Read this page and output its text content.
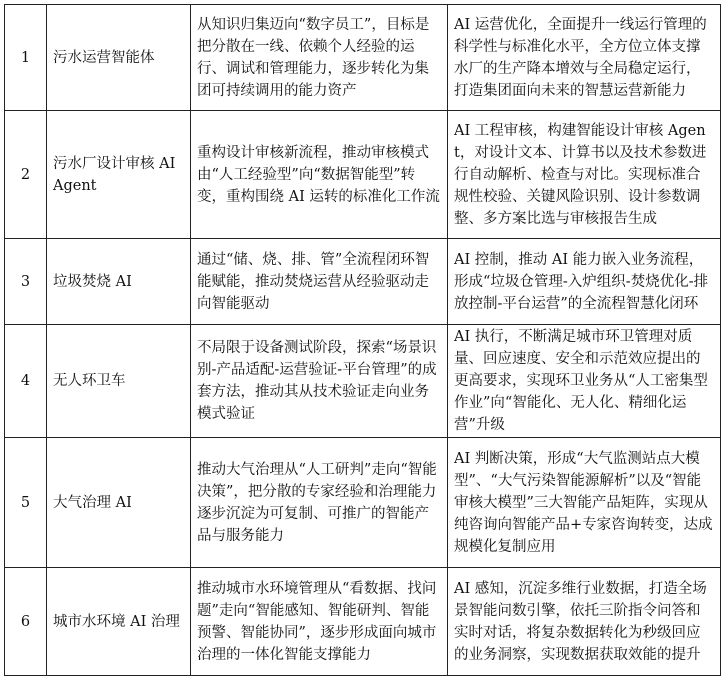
1	污水运营智能体	从知识归集迈向“数字员工”，目标是把分散在一线、依赖个人经验的运行、调试和管理能力，逐步转化为集团可持续调用的能力资产	AI 运营优化，全面提升一线运行管理的科学性与标准化水平，全方位立体支撑水厂的生产降本增效与全局稳定运行，打造集团面向未来的智慧运营新能力
2	污水厂设计审核 AI Agent	重构设计审核新流程，推动审核模式由“人工经验型”向“数据智能型”转变，重构围绕 AI 运转的标准化工作流	AI 工程审核，构建智能设计审核 Agent，对设计文本、计算书以及技术参数进行自动解析、检查与对比。实现标准合规性校验、关键风险识别、设计参数调整、多方案比选与审核报告生成
3	垃圾焚烧 AI	通过“储、烧、排、管”全流程闭环智能赋能，推动焚烧运营从经验驱动走向智能驱动	AI 控制，推动 AI 能力嵌入业务流程，形成“垃圾仓管理-入炉组织-焚烧优化-排放控制-平台运营”的全流程智慧化闭环
4	无人环卫车	不局限于设备测试阶段，探索“场景识别-产品适配-运营验证-平台管理”的成套方法，推动其从技术验证走向业务模式验证	AI 执行，不断满足城市环卫管理对质量、回应速度、安全和示范效应提出的更高要求，实现环卫业务从“人工密集型作业”向“智能化、无人化、精细化运营”升级
5	大气治理 AI	推动大气治理从“人工研判”走向“智能决策”，把分散的专家经验和治理能力逐步沉淀为可复制、可推广的智能产品与服务能力	AI 判断决策，形成“大气监测站点大模型”、“大气污染智能源解析”以及“智能审核大模型”三大智能产品矩阵，实现从纯咨询向智能产品+专家咨询转变，达成规模化复制应用
6	城市水环境 AI 治理	推动城市水环境管理从“看数据、找问题”走向“智能感知、智能研判、智能预警、智能协同”，逐步形成面向城市治理的一体化智能支撑能力	AI 感知，沉淀多维行业数据，打造全场景智能问数引擎，依托三阶指令问答和实时对话，将复杂数据转化为秒级回应的业务洞察，实现数据获取效能的提升
